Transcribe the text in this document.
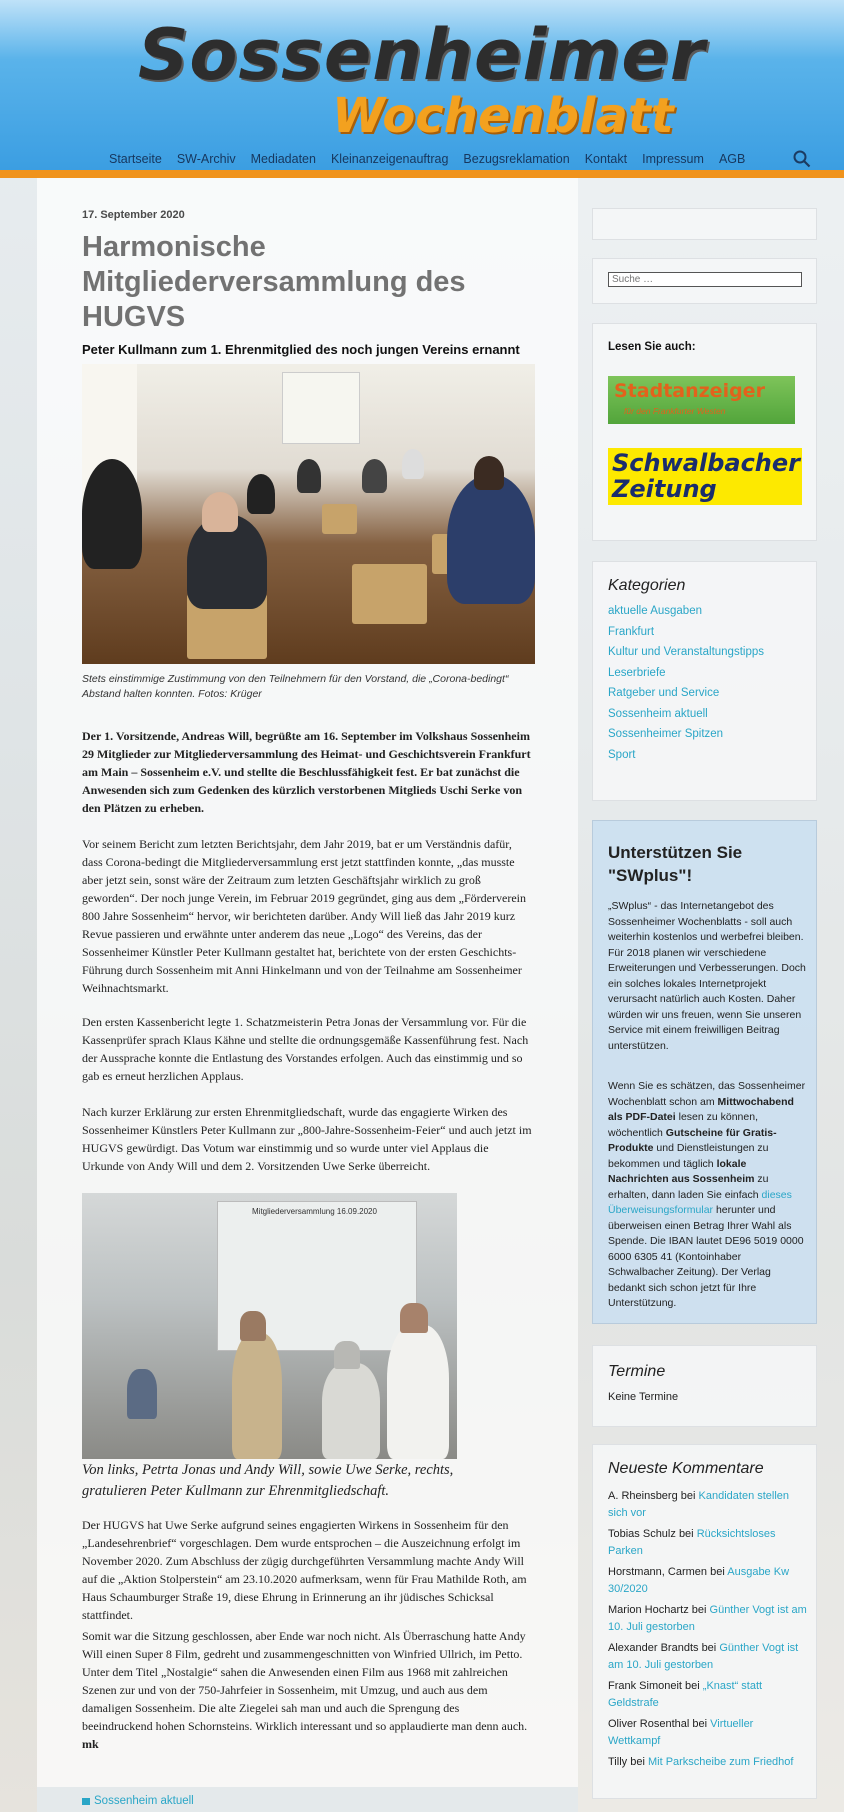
Sossenheimer
Wochenblatt
Startseite SW-Archiv Mediadaten Kleinanzeigenauftrag Bezugsreklamation Kontakt Impressum AGB
17. September 2020
Harmonische Mitgliederversammlung des HUGVS
Peter Kullmann zum 1. Ehrenmitglied des noch jungen Vereins ernannt
Stets einstimmige Zustimmung von den Teilnehmern für den Vorstand, die „Corona-bedingt“ Abstand halten konnten. Fotos: Krüger
Der 1. Vorsitzende, Andreas Will, begrüßte am 16. September im Volkshaus Sossenheim 29 Mitglieder zur Mitgliederversammlung des Heimat- und Geschichtsverein Frankfurt am Main – Sossenheim e.V. und stellte die Beschlussfähigkeit fest. Er bat zunächst die Anwesenden sich zum Gedenken des kürzlich verstorbenen Mitglieds Uschi Serke von den Plätzen zu erheben.
Vor seinem Bericht zum letzten Berichtsjahr, dem Jahr 2019, bat er um Verständnis dafür, dass Corona-bedingt die Mitgliederversammlung erst jetzt stattfinden konnte, „das musste aber jetzt sein, sonst wäre der Zeitraum zum letzten Geschäftsjahr wirklich zu groß geworden“. Der noch junge Verein, im Februar 2019 gegründet, ging aus dem „Förderverein 800 Jahre Sossenheim“ hervor, wir berichteten darüber. Andy Will ließ das Jahr 2019 kurz Revue passieren und erwähnte unter anderem das neue „Logo“ des Vereins, das der Sossenheimer Künstler Peter Kullmann gestaltet hat, berichtete von der ersten Geschichts-Führung durch Sossenheim mit Anni Hinkelmann und von der Teilnahme am Sossenheimer Weihnachtsmarkt.
Den ersten Kassenbericht legte 1. Schatzmeisterin Petra Jonas der Versammlung vor. Für die Kassenprüfer sprach Klaus Kähne und stellte die ordnungsgemäße Kassenführung fest. Nach der Aussprache konnte die Entlastung des Vorstandes erfolgen. Auch das einstimmig und so gab es erneut herzlichen Applaus.
Nach kurzer Erklärung zur ersten Ehrenmitgliedschaft, wurde das engagierte Wirken des Sossenheimer Künstlers Peter Kullmann zur „800-Jahre-Sossenheim-Feier“ und auch jetzt im HUGVS gewürdigt. Das Votum war einstimmig und so wurde unter viel Applaus die Urkunde von Andy Will und dem 2. Vorsitzenden Uwe Serke überreicht.
Mitgliederversammlung 16.09.2020
Von links, Petrta Jonas und Andy Will, sowie Uwe Serke, rechts, gratulieren Peter Kullmann zur Ehrenmitgliedschaft.
Der HUGVS hat Uwe Serke aufgrund seines engagierten Wirkens in Sossenheim für den „Landesehrenbrief“ vorgeschlagen. Dem wurde entsprochen – die Auszeichnung erfolgt im November 2020. Zum Abschluss der zügig durchgeführten Versammlung machte Andy Will auf die „Aktion Stolperstein“ am 23.10.2020 aufmerksam, wenn für Frau Mathilde Roth, am Haus Schaumburger Straße 19, diese Ehrung in Erinnerung an ihr jüdisches Schicksal stattfindet.
Somit war die Sitzung geschlossen, aber Ende war noch nicht. Als Überraschung hatte Andy Will einen Super 8 Film, gedreht und zusammengeschnitten von Winfried Ullrich, im Petto. Unter dem Titel „Nostalgie“ sahen die Anwesenden einen Film aus 1968 mit zahlreichen Szenen zur und von der 750-Jahrfeier in Sossenheim, mit Umzug, und auch aus dem damaligen Sossenheim. Die alte Ziegelei sah man und auch die Sprengung des beeindruckend hohen Schornsteins. Wirklich interessant und so applaudierte man denn auch. mk
Sossenheim aktuell
Suche …
Lesen Sie auch:
Stadtanzeiger
für den Frankfurter Westen
Schwalbacher
Zeitung
Kategorien
aktuelle Ausgaben
Frankfurt
Kultur und Veranstaltungstipps
Leserbriefe
Ratgeber und Service
Sossenheim aktuell
Sossenheimer Spitzen
Sport
Unterstützen Sie "SWplus"!
„SWplus“ - das Internetangebot des Sossenheimer Wochenblatts - soll auch weiterhin kostenlos und werbefrei bleiben. Für 2018 planen wir verschiedene Erweiterungen und Verbesserungen. Doch ein solches lokales Internetprojekt verursacht natürlich auch Kosten. Daher würden wir uns freuen, wenn Sie unseren Service mit einem freiwilligen Beitrag unterstützen.
Wenn Sie es schätzen, das Sossenheimer Wochenblatt schon am Mittwochabend als PDF-Datei lesen zu können, wöchentlich Gutscheine für Gratis-Produkte und Dienstleistungen zu bekommen und täglich lokale Nachrichten aus Sossenheim zu erhalten, dann laden Sie einfach dieses Überweisungsformular herunter und überweisen einen Betrag Ihrer Wahl als Spende. Die IBAN lautet DE96 5019 0000 6000 6305 41 (Kontoinhaber Schwalbacher Zeitung). Der Verlag bedankt sich schon jetzt für Ihre Unterstützung.
Termine
Keine Termine
Neueste Kommentare
A. Rheinsberg bei Kandidaten stellen sich vor
Tobias Schulz bei Rücksichtsloses Parken
Horstmann, Carmen bei Ausgabe Kw 30/2020
Marion Hochartz bei Günther Vogt ist am 10. Juli gestorben
Alexander Brandts bei Günther Vogt ist am 10. Juli gestorben
Frank Simoneit bei „Knast“ statt Geldstrafe
Oliver Rosenthal bei Virtueller Wettkampf
Tilly bei Mit Parkscheibe zum Friedhof
